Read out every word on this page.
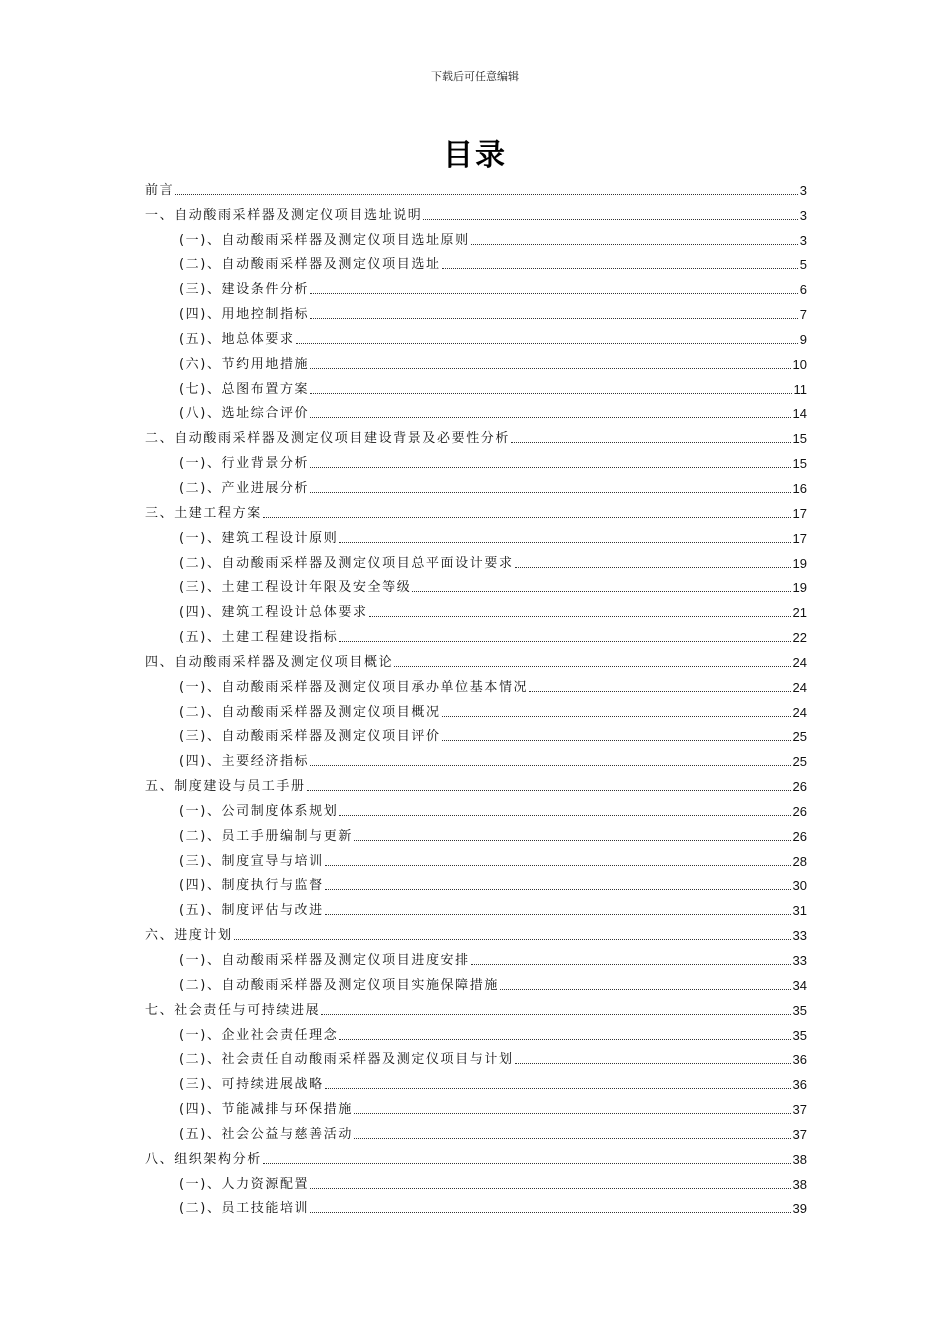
下载后可任意编辑
目录
前言	3
一、自动酸雨采样器及测定仪项目选址说明	3
(一)、自动酸雨采样器及测定仪项目选址原则	3
(二)、自动酸雨采样器及测定仪项目选址	5
(三)、建设条件分析	6
(四)、用地控制指标	7
(五)、地总体要求	9
(六)、节约用地措施	10
(七)、总图布置方案	11
(八)、选址综合评价	14
二、自动酸雨采样器及测定仪项目建设背景及必要性分析	15
(一)、行业背景分析	15
(二)、产业进展分析	16
三、土建工程方案	17
(一)、建筑工程设计原则	17
(二)、自动酸雨采样器及测定仪项目总平面设计要求	19
(三)、土建工程设计年限及安全等级	19
(四)、建筑工程设计总体要求	21
(五)、土建工程建设指标	22
四、自动酸雨采样器及测定仪项目概论	24
(一)、自动酸雨采样器及测定仪项目承办单位基本情况	24
(二)、自动酸雨采样器及测定仪项目概况	24
(三)、自动酸雨采样器及测定仪项目评价	25
(四)、主要经济指标	25
五、制度建设与员工手册	26
(一)、公司制度体系规划	26
(二)、员工手册编制与更新	26
(三)、制度宣导与培训	28
(四)、制度执行与监督	30
(五)、制度评估与改进	31
六、进度计划	33
(一)、自动酸雨采样器及测定仪项目进度安排	33
(二)、自动酸雨采样器及测定仪项目实施保障措施	34
七、社会责任与可持续进展	35
(一)、企业社会责任理念	35
(二)、社会责任自动酸雨采样器及测定仪项目与计划	36
(三)、可持续进展战略	36
(四)、节能减排与环保措施	37
(五)、社会公益与慈善活动	37
八、组织架构分析	38
(一)、人力资源配置	38
(二)、员工技能培训	39
